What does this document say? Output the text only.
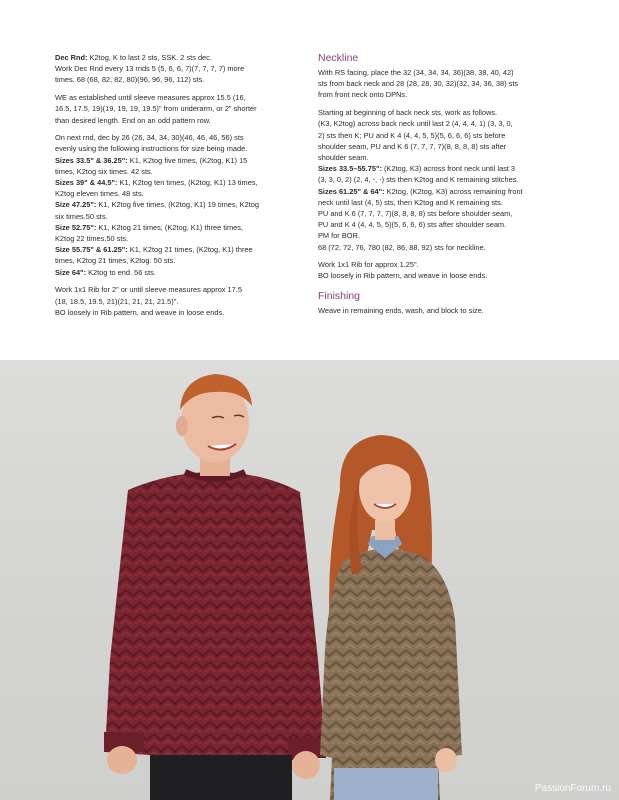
Dec Rnd: K2tog, K to last 2 sts, SSK. 2 sts dec.
Work Dec Rnd every 13 rnds 5 (5, 6, 6, 7)(7, 7, 7, 7) more
times. 68 (68, 82, 82, 80)(96, 96, 96, 112) sts.

WE as established until sleeve measures approx 15.5 (16,
16.5, 17.5, 19)(19, 19, 19, 19.5)" from underarm, or 2" shorter
than desired length. End on an odd pattern row.

On next rnd, dec by 26 (26, 34, 34, 30)(46, 46, 46, 56) sts
evenly using the following instructions for size being made.
Sizes 33.5" & 36.25": K1, K2tog five times, (K2tog, K1) 15
times, K2tog six times. 42 sts.
Sizes 39" & 44.5": K1, K2tog ten times, (K2tog, K1) 13 times,
K2tog eleven times. 48 sts.
Size 47.25": K1, K2tog five times, (K2tog, K1) 19 times, K2tog
six times.50 sts.
Size 52.75": K1, K2tog 21 times, (K2tog, K1) three times,
K2tog 22 times.50 sts.
Size 55.75" & 61.25": K1, K2tog 21 times, (K2tog, K1) three
times, K2tog 21 times, K2tog. 50 sts.
Size 64": K2tog to end. 56 sts.

Work 1x1 Rib for 2" or until sleeve measures approx 17.5
(18, 18.5, 19.5, 21)(21, 21, 21, 21.5)".
BO loosely in Rib pattern, and weave in loose ends.

Neckline

With RS facing, place the 32 (34, 34, 34, 36)(38, 38, 40, 42)
sts from back neck and 28 (28, 28, 30, 32)(32, 34, 36, 38) sts
from front neck onto DPNs.

Starting at beginning of back neck sts, work as follows.
(K3, K2tog) across back neck until last 2 (4, 4, 4, 1) (3, 3, 0,
2) sts then K; PU and K 4 (4, 4, 5, 5)(5, 6, 6, 6) sts before
shoulder seam, PU and K 6 (7, 7, 7, 7)(8, 8, 8, 8) sts after
shoulder seam.
Sizes 33.5–55.75": (K2tog, K3) across front neck until last 3
(3, 3, 0, 2) (2, 4, -, -) sts then K2tog and K remaining stitches.
Sizes 61.25" & 64": K2tog, (K2tog, K3) across remaining front
neck until last (4, 5) sts, then K2tog and K remaining sts.
PU and K 6 (7, 7, 7, 7)(8, 8, 8, 8) sts before shoulder seam,
PU and K 4 (4, 4, 5, 5)(5, 6, 6, 6) sts after shoulder seam.
PM for BOR.
68 (72, 72, 76, 780 (82, 86, 88, 92) sts for neckline.

Work 1x1 Rib for approx 1.25".
BO loosely in Rib pattern, and weave in loose ends.

Finishing

Weave in remaining ends, wash, and block to size.

PassionForum.ru
